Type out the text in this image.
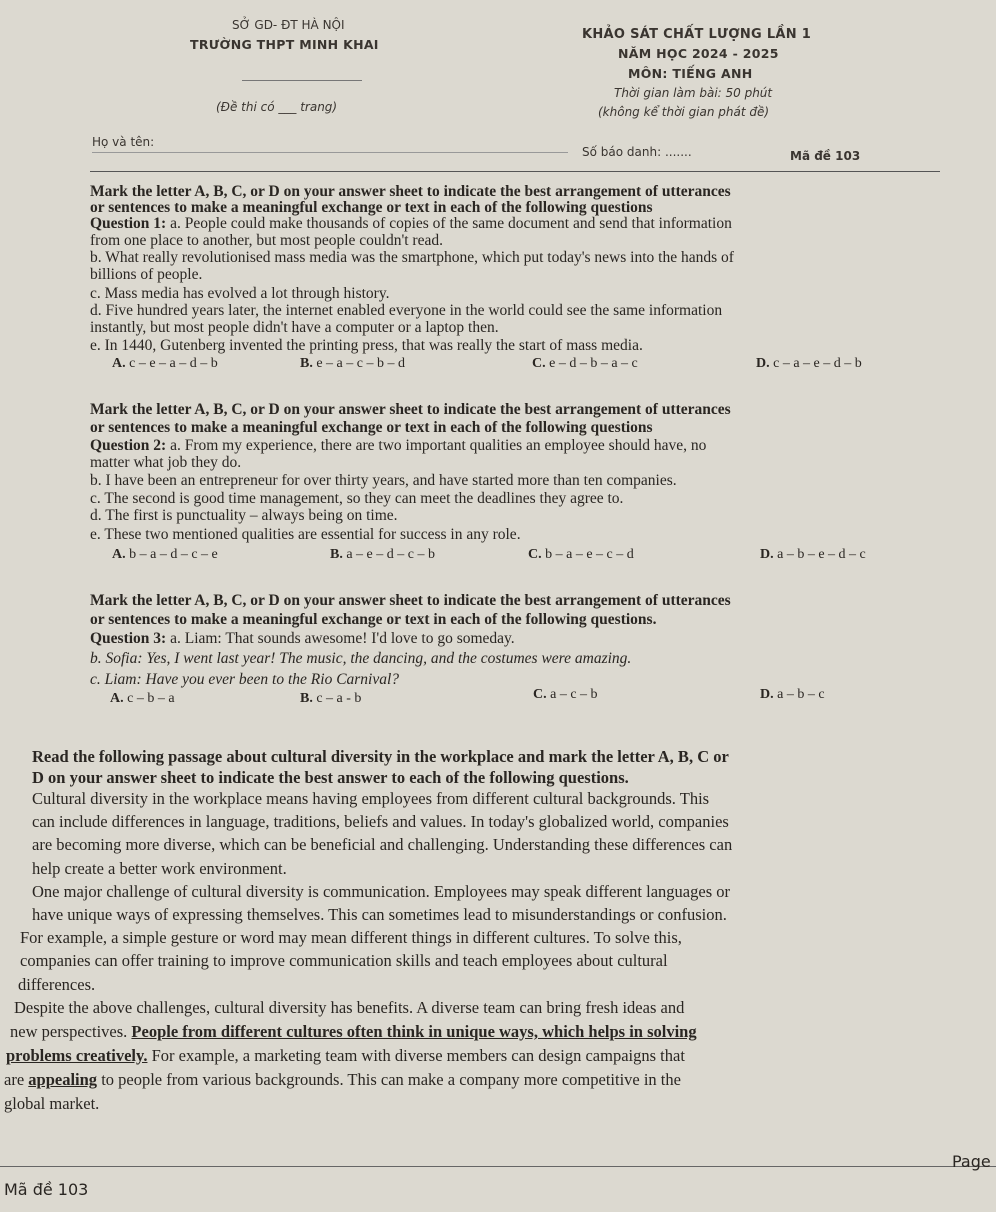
SỞ GD- ĐT HÀ NỘI
TRƯỜNG THPT MINH KHAI
(Đề thi có ___ trang)
KHẢO SÁT CHẤT LƯỢNG LẦN 1
NĂM HỌC 2024 - 2025
MÔN: TIẾNG ANH
Thời gian làm bài: 50 phút
(không kể thời gian phát đề)
Họ và tên:
Số báo danh: .......	Mã đề 103
Mark the letter A, B, C, or D on your answer sheet to indicate the best arrangement of utterances
or sentences to make a meaningful exchange or text in each of the following questions
Question 1: a. People could make thousands of copies of the same document and send that information
from one place to another, but most people couldn't read.
b. What really revolutionised mass media was the smartphone, which put today's news into the hands of
billions of people.
c. Mass media has evolved a lot through history.
d. Five hundred years later, the internet enabled everyone in the world could see the same information
instantly, but most people didn't have a computer or a laptop then.
e. In 1440, Gutenberg invented the printing press, that was really the start of mass media.
A. c – e – a – d – b	B. e – a – c – b – d	C. e – d – b – a – c	D. c – a – e – d – b
Mark the letter A, B, C, or D on your answer sheet to indicate the best arrangement of utterances
or sentences to make a meaningful exchange or text in each of the following questions
Question 2: a. From my experience, there are two important qualities an employee should have, no
matter what job they do.
b. I have been an entrepreneur for over thirty years, and have started more than ten companies.
c. The second is good time management, so they can meet the deadlines they agree to.
d. The first is punctuality – always being on time.
e. These two mentioned qualities are essential for success in any role.
A. b – a – d – c – e	B. a – e – d – c – b	C. b – a – e – c – d	D. a – b – e – d – c
Mark the letter A, B, C, or D on your answer sheet to indicate the best arrangement of utterances
or sentences to make a meaningful exchange or text in each of the following questions.
Question 3: a. Liam: That sounds awesome! I'd love to go someday.
b. Sofia: Yes, I went last year! The music, the dancing, and the costumes were amazing.
c. Liam: Have you ever been to the Rio Carnival?
A. c – b – a	B. c – a - b	C. a – c – b	D. a – b – c
Read the following passage about cultural diversity in the workplace and mark the letter A, B, C or
D on your answer sheet to indicate the best answer to each of the following questions.
Cultural diversity in the workplace means having employees from different cultural backgrounds. This
can include differences in language, traditions, beliefs and values. In today's globalized world, companies
are becoming more diverse, which can be beneficial and challenging. Understanding these differences can
help create a better work environment.
One major challenge of cultural diversity is communication. Employees may speak different languages or
have unique ways of expressing themselves. This can sometimes lead to misunderstandings or confusion.
For example, a simple gesture or word may mean different things in different cultures. To solve this,
companies can offer training to improve communication skills and teach employees about cultural
differences.
Despite the above challenges, cultural diversity has benefits. A diverse team can bring fresh ideas and
new perspectives. People from different cultures often think in unique ways, which helps in solving
problems creatively. For example, a marketing team with diverse members can design campaigns that
are appealing to people from various backgrounds. This can make a company more competitive in the
global market.
Mã đề 103
Page
